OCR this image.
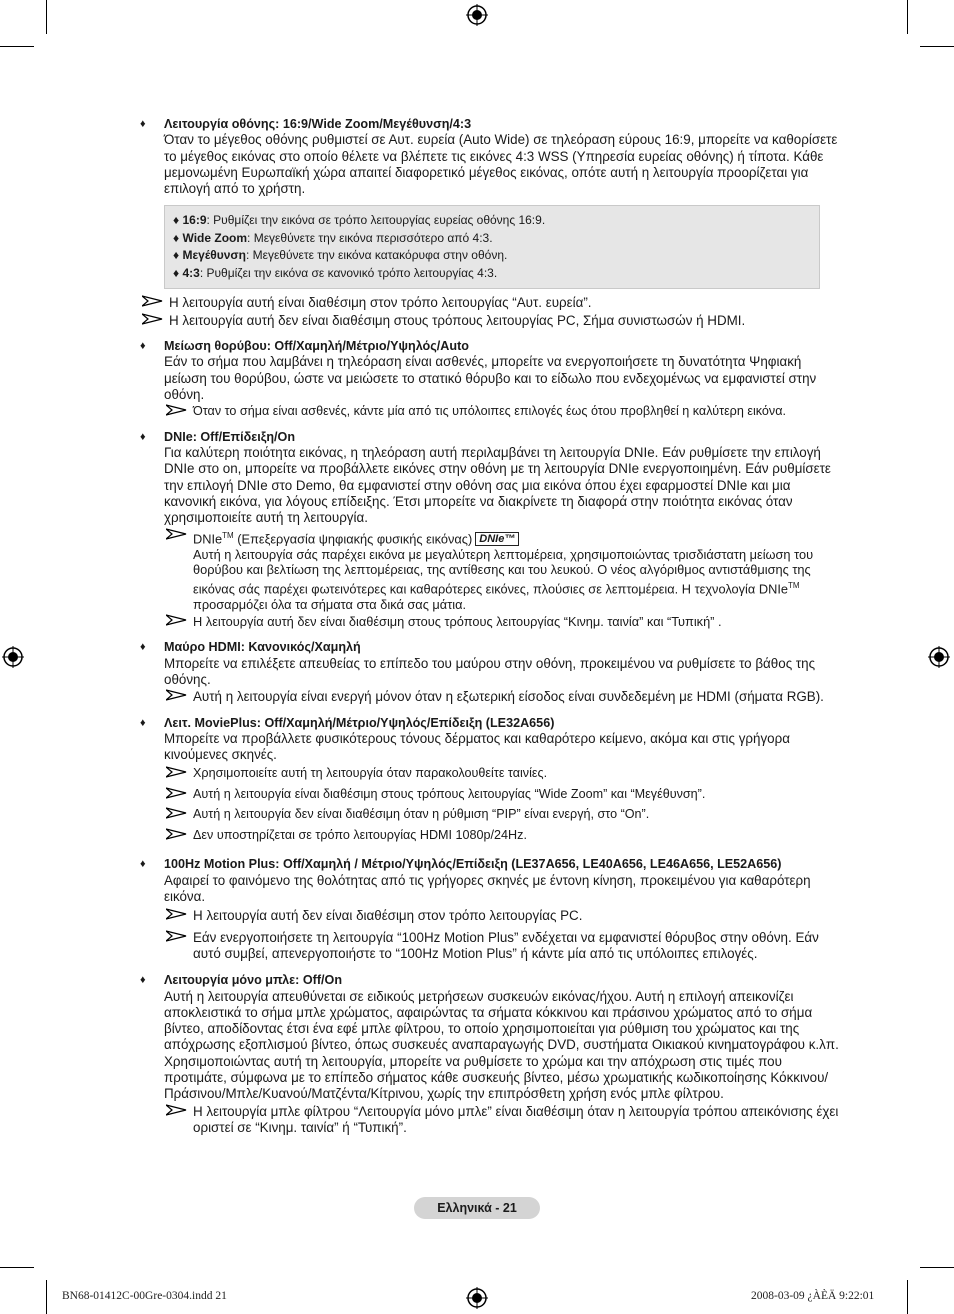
♦ Λειτουργία οθόνης: 16:9/Wide Zoom/Μεγέθυνση/4:3
Όταν το μέγεθος οθόνης ρυθμιστεί σε Αυτ. ευρεία (Auto Wide) σε τηλεόραση εύρους 16:9, μπορείτε να καθορίσετε το μέγεθος εικόνας στο οποίο θέλετε να βλέπετε τις εικόνες 4:3 WSS (Υπηρεσία ευρείας οθόνης) ή τίποτα. Κάθε μεμονωμένη Ευρωπαϊκή χώρα απαιτεί διαφορετικό μέγεθος εικόνας, οπότε αυτή η λειτουργία προορίζεται για επιλογή από το χρήστη.
♦ 16:9: Ρυθμίζει την εικόνα σε τρόπο λειτουργίας ευρείας οθόνης 16:9.
♦ Wide Zoom: Μεγεθύνετε την εικόνα περισσότερο από 4:3.
♦ Μεγέθυνση: Μεγεθύνετε την εικόνα κατακόρυφα στην οθόνη.
♦ 4:3: Ρυθμίζει την εικόνα σε κανονικό τρόπο λειτουργίας 4:3.
Η λειτουργία αυτή είναι διαθέσιμη στον τρόπο λειτουργίας “Αυτ. ευρεία”.
Η λειτουργία αυτή δεν είναι διαθέσιμη στους τρόπους λειτουργίας PC, Σήμα συνιστωσών ή HDMI.
♦ Μείωση θορύβου: Off/Χαμηλή/Μέτριο/Υψηλός/Auto
Εάν το σήμα που λαμβάνει η τηλεόραση είναι ασθενές, μπορείτε να ενεργοποιήσετε τη δυνατότητα Ψηφιακή μείωση του θορύβου, ώστε να μειώσετε το στατικό θόρυβο και το είδωλο που ενδεχομένως να εμφανιστεί στην οθόνη.
Όταν το σήμα είναι ασθενές, κάντε μία από τις υπόλοιπες επιλογές έως ότου προβληθεί η καλύτερη εικόνα.
♦ DNIe: Off/Επίδειξη/On
Για καλύτερη ποιότητα εικόνας, η τηλεόραση αυτή περιλαμβάνει τη λειτουργία DNIe. Εάν ρυθμίσετε την επιλογή DNIe στο on, μπορείτε να προβάλλετε εικόνες στην οθόνη με τη λειτουργία DNIe ενεργοποιημένη. Εάν ρυθμίσετε την επιλογή DNIe στο Demo, θα εμφανιστεί στην οθόνη σας μια εικόνα όπου έχει εφαρμοστεί DNIe και μια κανονική εικόνα, για λόγους επίδειξης. Έτσι μπορείτε να διακρίνετε τη διαφορά στην ποιότητα εικόνας όταν χρησιμοποιείτε αυτή τη λειτουργία.
DNIe™ (Επεξεργασία ψηφιακής φυσικής εικόνας) DNIe™
Αυτή η λειτουργία σάς παρέχει εικόνα με μεγαλύτερη λεπτομέρεια, χρησιμοποιώντας τρισδιάστατη μείωση του θορύβου και βελτίωση της λεπτομέρειας, της αντίθεσης και του λευκού. Ο νέος αλγόριθμος αντιστάθμισης της εικόνας σάς παρέχει φωτεινότερες και καθαρότερες εικόνες, πλούσιες σε λεπτομέρεια. Η τεχνολογία DNIe™ προσαρμόζει όλα τα σήματα στα δικά σας μάτια.
Η λειτουργία αυτή δεν είναι διαθέσιμη στους τρόπους λειτουργίας “Κινημ. ταινία” και “Τυπική” .
♦ Μαύρο HDMI: Κανονικός/Χαμηλή
Μπορείτε να επιλέξετε απευθείας το επίπεδο του μαύρου στην οθόνη, προκειμένου να ρυθμίσετε το βάθος της οθόνης.
Αυτή η λειτουργία είναι ενεργή μόνον όταν η εξωτερική είσοδος είναι συνδεδεμένη με HDMI (σήματα RGB).
♦ Λειτ. MoviePlus: Off/Χαμηλή/Μέτριο/Υψηλός/Επίδειξη (LE32A656)
Μπορείτε να προβάλλετε φυσικότερους τόνους δέρματος και καθαρότερο κείμενο, ακόμα και στις γρήγορα κινούμενες σκηνές.
Χρησιμοποιείτε αυτή τη λειτουργία όταν παρακολουθείτε ταινίες.
Αυτή η λειτουργία είναι διαθέσιμη στους τρόπους λειτουργίας “Wide Zoom” και “Μεγέθυνση”.
Αυτή η λειτουργία δεν είναι διαθέσιμη όταν η ρύθμιση “PIP” είναι ενεργή, στο “On”.
Δεν υποστηρίζεται σε τρόπο λειτουργίας HDMI 1080p/24Hz.
♦ 100Hz Motion Plus: Off/Χαμηλή / Μέτριο/Υψηλός/Επίδειξη (LE37A656, LE40A656, LE46A656, LE52A656)
Αφαιρεί το φαινόμενο της θολότητας από τις γρήγορες σκηνές με έντονη κίνηση, προκειμένου για καθαρότερη εικόνα.
Η λειτουργία αυτή δεν είναι διαθέσιμη στον τρόπο λειτουργίας PC.
Εάν ενεργοποιήσετε τη λειτουργία “100Hz Motion Plus” ενδέχεται να εμφανιστεί θόρυβος στην οθόνη. Εάν αυτό συμβεί, απενεργοποιήστε το “100Hz Motion Plus” ή κάντε μία από τις υπόλοιπες επιλογές.
♦ Λειτουργία μόνο μπλε: Off/On
Αυτή η λειτουργία απευθύνεται σε ειδικούς μετρήσεων συσκευών εικόνας/ήχου. Αυτή η επιλογή απεικονίζει αποκλειστικά το σήμα μπλε χρώματος, αφαιρώντας τα σήματα κόκκινου και πράσινου χρώματος από το σήμα βίντεο, αποδίδοντας έτσι ένα εφέ μπλε φίλτρου, το οποίο χρησιμοποιείται για ρύθμιση του χρώματος και της απόχρωσης εξοπλισμού βίντεο, όπως συσκευές αναπαραγωγής DVD, συστήματα Οικιακού κινηματογράφου κ.λπ.
Χρησιμοποιώντας αυτή τη λειτουργία, μπορείτε να ρυθμίσετε το χρώμα και την απόχρωση στις τιμές που προτιμάτε, σύμφωνα με το επίπεδο σήματος κάθε συσκευής βίντεο, μέσω χρωματικής κωδικοποίησης Κόκκινου/Πράσινου/Μπλε/Κυανού/Ματζέντα/Κίτρινου, χωρίς την επιπρόσθετη χρήση ενός μπλε φίλτρου.
Η λειτουργία μπλε φίλτρου “Λειτουργία μόνο μπλε” είναι διαθέσιμη όταν η λειτουργία τρόπου απεικόνισης έχει οριστεί σε “Κινημ. ταινία” ή “Τυπική”.
Ελληνικά - 21
BN68-01412C-00Gre-0304.indd 21	2008-03-09 ¿ÀÈÄ 9:22:01
